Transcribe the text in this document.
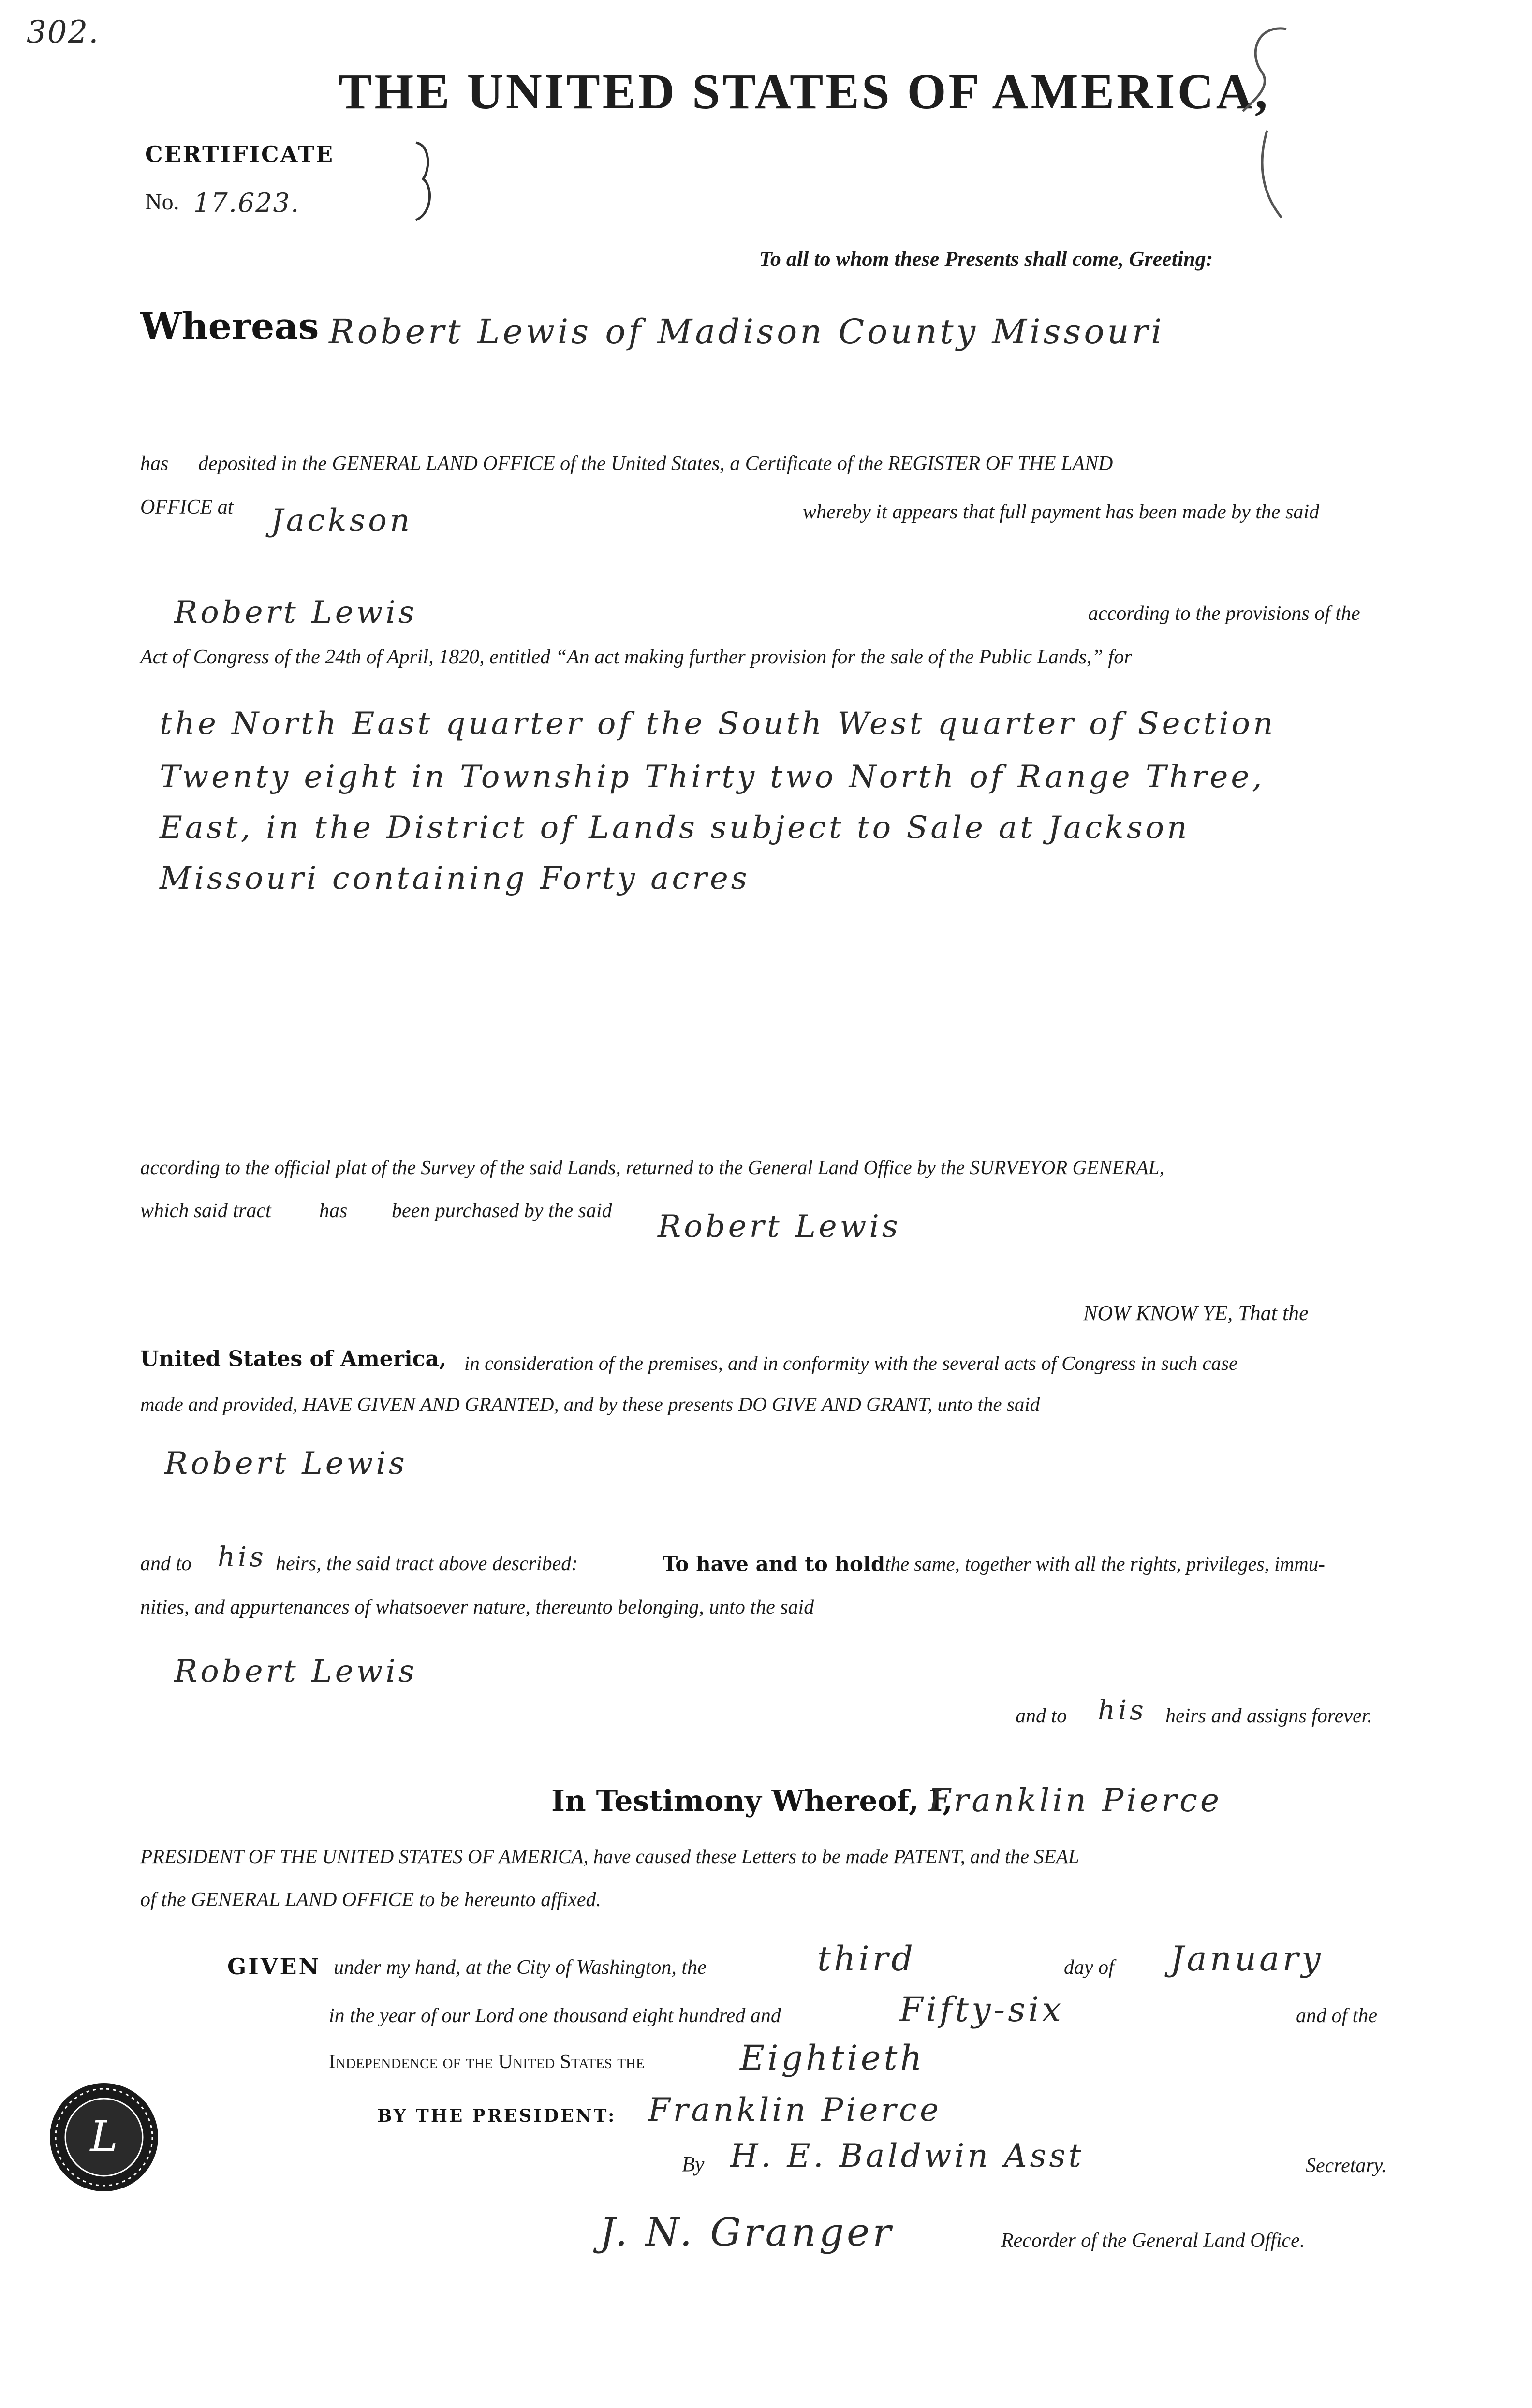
302.
THE UNITED STATES OF AMERICA,
CERTIFICATE
No. 17.623.
To all to whom these Presents shall come, Greeting:
Whereas Robert Lewis of Madison County Missouri
has deposited in the GENERAL LAND OFFICE of the United States, a Certificate of the REGISTER OF THE LAND
OFFICE at Jackson	whereby it appears that full payment has been made by the said
Robert Lewis	according to the provisions of the
Act of Congress of the 24th of April, 1820, entitled “An act making further provision for the sale of the Public Lands,” for
the North East quarter of the South West quarter of Section
Twenty eight in Township Thirty two North of Range Three,
East, in the District of Lands subject to Sale at Jackson
Missouri containing Forty acres
according to the official plat of the Survey of the said Lands, returned to the General Land Office by the SURVEYOR GENERAL,
which said tract has been purchased by the said Robert Lewis
NOW KNOW YE, That the
United States of America, in consideration of the premises, and in conformity with the several acts of Congress in such case
made and provided, HAVE GIVEN AND GRANTED, and by these presents DO GIVE AND GRANT, unto the said
Robert Lewis
and to his heirs, the said tract above described:	To have and to hold the same, together with all the rights, privileges, immu-
nities, and appurtenances of whatsoever nature, thereunto belonging, unto the said
Robert Lewis
and to his heirs and assigns forever.
In Testimony Whereof, I,
Franklin Pierce
PRESIDENT OF THE UNITED STATES OF AMERICA, have caused these Letters to be made PATENT, and the SEAL
of the GENERAL LAND OFFICE to be hereunto affixed.
GIVEN under my hand, at the City of Washington, the	third	day of January
in the year of our Lord one thousand eight hundred and	Fifty-six	and of the
Independence of the United States the	Eightieth
L	BY THE PRESIDENT: Franklin Pierce
By H. E. Baldwin Asst	Secretary.
J. N. Granger	Recorder of the General Land Office.
